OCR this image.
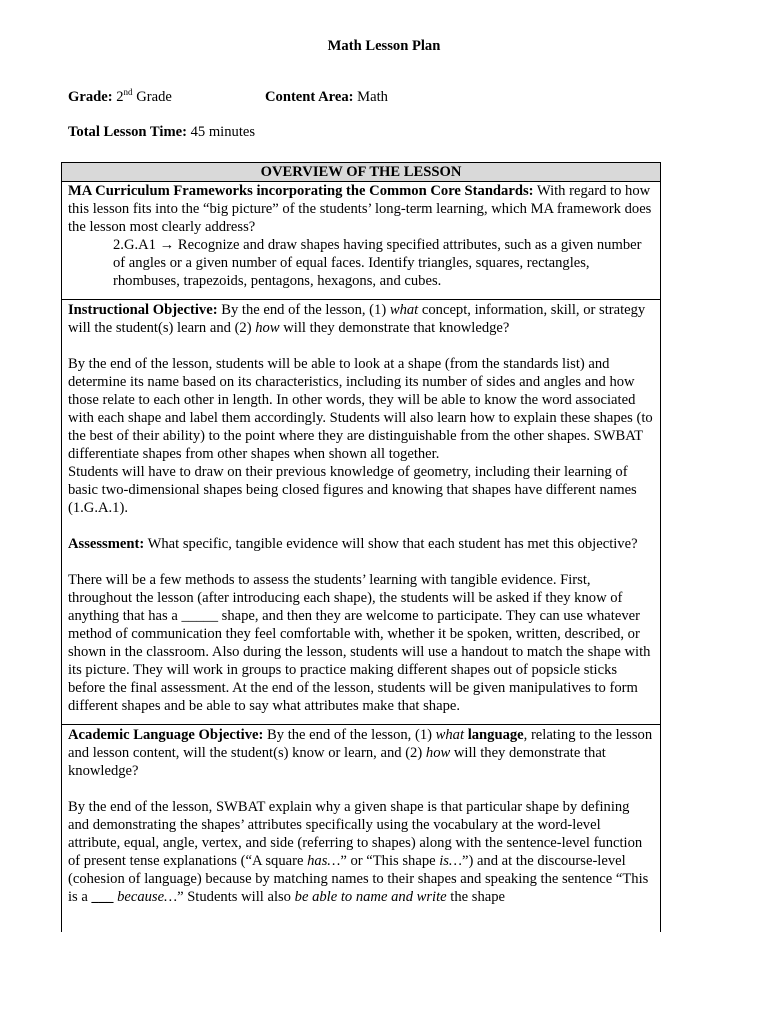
Math Lesson Plan
Grade: 2nd Grade	Content Area: Math
Total Lesson Time: 45 minutes
OVERVIEW OF THE LESSON

MA Curriculum Frameworks incorporating the Common Core Standards: With regard to how this lesson fits into the “big picture” of the students’ long-term learning, which MA framework does the lesson most clearly address?

2.G.A1 → Recognize and draw shapes having specified attributes, such as a given number of angles or a given number of equal faces. Identify triangles, squares, rectangles, rhombuses, trapezoids, pentagons, hexagons, and cubes.

Instructional Objective: By the end of the lesson, (1) what concept, information, skill, or strategy will the student(s) learn and (2) how will they demonstrate that knowledge?

By the end of the lesson, students will be able to look at a shape (from the standards list) and determine its name based on its characteristics, including its number of sides and angles and how those relate to each other in length. In other words, they will be able to know the word associated with each shape and label them accordingly. Students will also learn how to explain these shapes (to the best of their ability) to the point where they are distinguishable from the other shapes. SWBAT differentiate shapes from other shapes when shown all together.

Students will have to draw on their previous knowledge of geometry, including their learning of basic two-dimensional shapes being closed figures and knowing that shapes have different names (1.G.A.1).

Assessment: What specific, tangible evidence will show that each student has met this objective?

There will be a few methods to assess the students’ learning with tangible evidence. First, throughout the lesson (after introducing each shape), the students will be asked if they know of anything that has a _____ shape, and then they are welcome to participate. They can use whatever method of communication they feel comfortable with, whether it be spoken, written, described, or shown in the classroom. Also during the lesson, students will use a handout to match the shape with its picture. They will work in groups to practice making different shapes out of popsicle sticks before the final assessment. At the end of the lesson, students will be given manipulatives to form different shapes and be able to say what attributes make that shape.

Academic Language Objective: By the end of the lesson, (1) what language, relating to the lesson and lesson content, will the student(s) know or learn, and (2) how will they demonstrate that knowledge?

By the end of the lesson, SWBAT explain why a given shape is that particular shape by defining and demonstrating the shapes’ attributes specifically using the vocabulary at the word-level attribute, equal, angle, vertex, and side (referring to shapes) along with the sentence-level function of present tense explanations (“A square has…” or “This shape is…”) and at the discourse-level (cohesion of language) because by matching names to their shapes and speaking the sentence “This is a ___ because…” Students will also be able to name and write the shape
